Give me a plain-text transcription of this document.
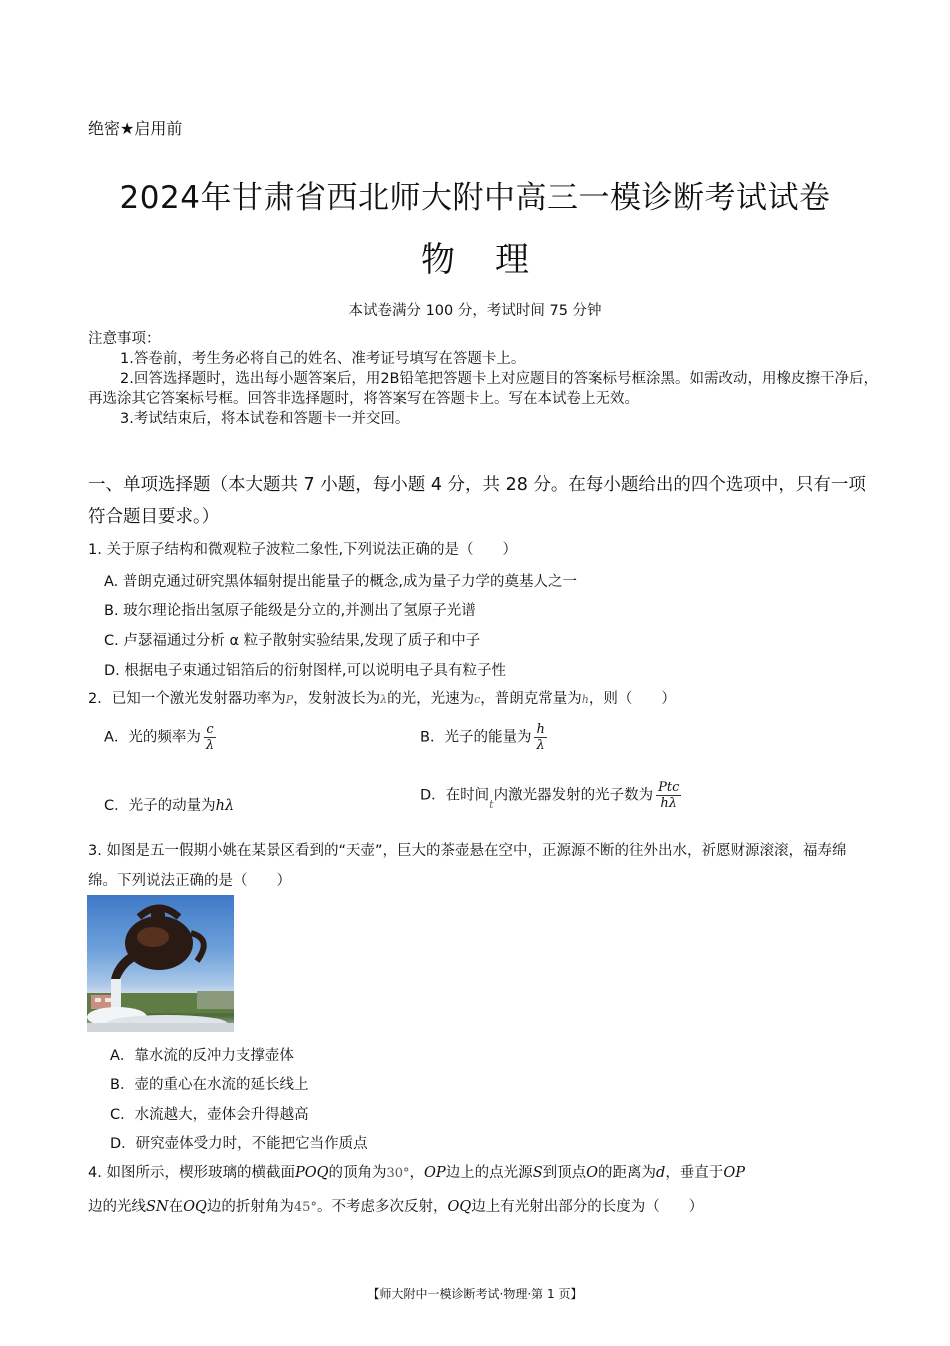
绝密★启用前
2024年甘肃省西北师大附中高三一模诊断考试试卷
物理
本试卷满分 100 分，考试时间 75 分钟
注意事项：
1.答卷前，考生务必将自己的姓名、准考证号填写在答题卡上。
2.回答选择题时，选出每小题答案后，用2B铅笔把答题卡上对应题目的答案标号框涂黑。如需改动，用橡皮擦干净后，再选涂其它答案标号框。回答非选择题时，将答案写在答题卡上。写在本试卷上无效。
3.考试结束后，将本试卷和答题卡一并交回。
一、单项选择题（本大题共 7 小题，每小题 4 分，共 28 分。在每小题给出的四个选项中，只有一项符合题目要求。）
1. 关于原子结构和微观粒子波粒二象性,下列说法正确的是（　　）
A. 普朗克通过研究黑体辐射提出能量子的概念,成为量子力学的奠基人之一
B. 玻尔理论指出氢原子能级是分立的,并测出了氢原子光谱
C. 卢瑟福通过分析 α 粒子散射实验结果,发现了质子和中子
D. 根据电子束通过铝箔后的衍射图样,可以说明电子具有粒子性
2．已知一个激光发射器功率为P，发射波长为λ的光，光速为c，普朗克常量为h，则（　　）
A．光的频率为 $\frac{c}{\lambda}$	B．光子的能量为 $\frac{h}{\lambda}$
C．光子的动量为hλ
D．在时间$_t$内激光器发射的光子数为 $\frac{\text{Ptc}}{h\lambda}$
3. 如图是五一假期小姚在某景区看到的“天壶”，巨大的茶壶悬在空中，正源源不断的往外出水，祈愿财源滚滚，福寿绵绵。下列说法正确的是（　　）
A．靠水流的反冲力支撑壶体
B．壶的重心在水流的延长线上
C．水流越大，壶体会升得越高
D．研究壶体受力时，不能把它当作质点
4. 如图所示，楔形玻璃的横截面POQ的顶角为30°，OP边上的点光源S到顶点O的距离为d，垂直于OP
边的光线SN在OQ边的折射角为45°。不考虑多次反射，OQ边上有光射出部分的长度为（　　）
【师大附中一模诊断考试·物理·第 1 页】
